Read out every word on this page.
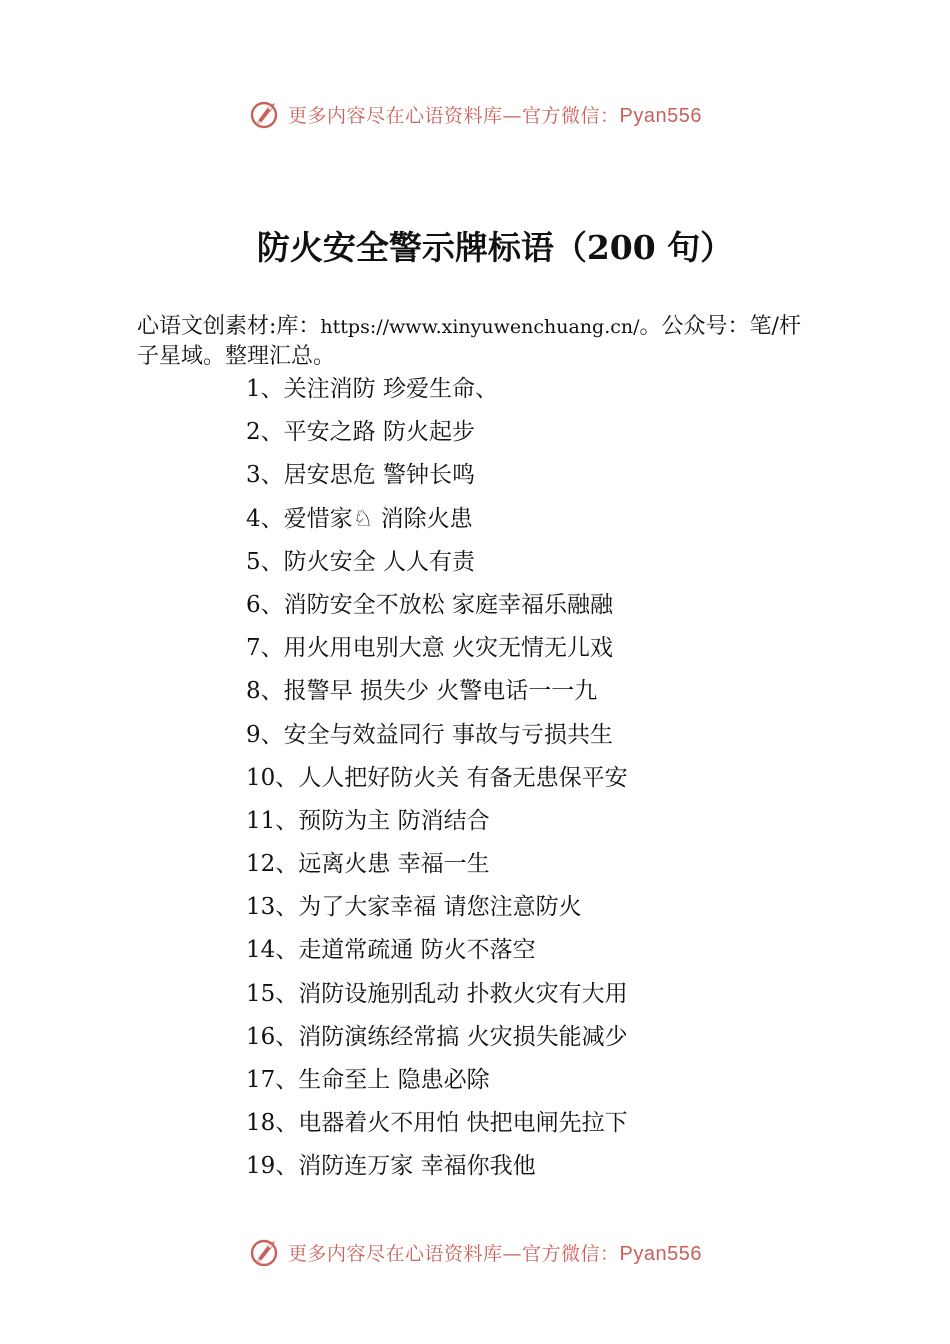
更多内容尽在心语资料库—官方微信：Pyan556
防火安全警示牌标语（200 句）
心语文创素材:库：https://www.xinyuwenchuang.cn/。公众号：笔/杆子星域。整理汇总。
1、关注消防 珍爱生命、
2、平安之路 防火起步
3、居安思危 警钟长鸣
4、爱惜家♘ 消除火患
5、防火安全 人人有责
6、消防安全不放松 家庭幸福乐融融
7、用火用电别大意 火灾无情无儿戏
8、报警早 损失少 火警电话一一九
9、安全与效益同行 事故与亏损共生
10、人人把好防火关 有备无患保平安
11、预防为主 防消结合
12、远离火患 幸福一生
13、为了大家幸福 请您注意防火
14、走道常疏通 防火不落空
15、消防设施别乱动 扑救火灾有大用
16、消防演练经常搞 火灾损失能减少
17、生命至上 隐患必除
18、电器着火不用怕 快把电闸先拉下
19、消防连万家 幸福你我他
更多内容尽在心语资料库—官方微信：Pyan556
